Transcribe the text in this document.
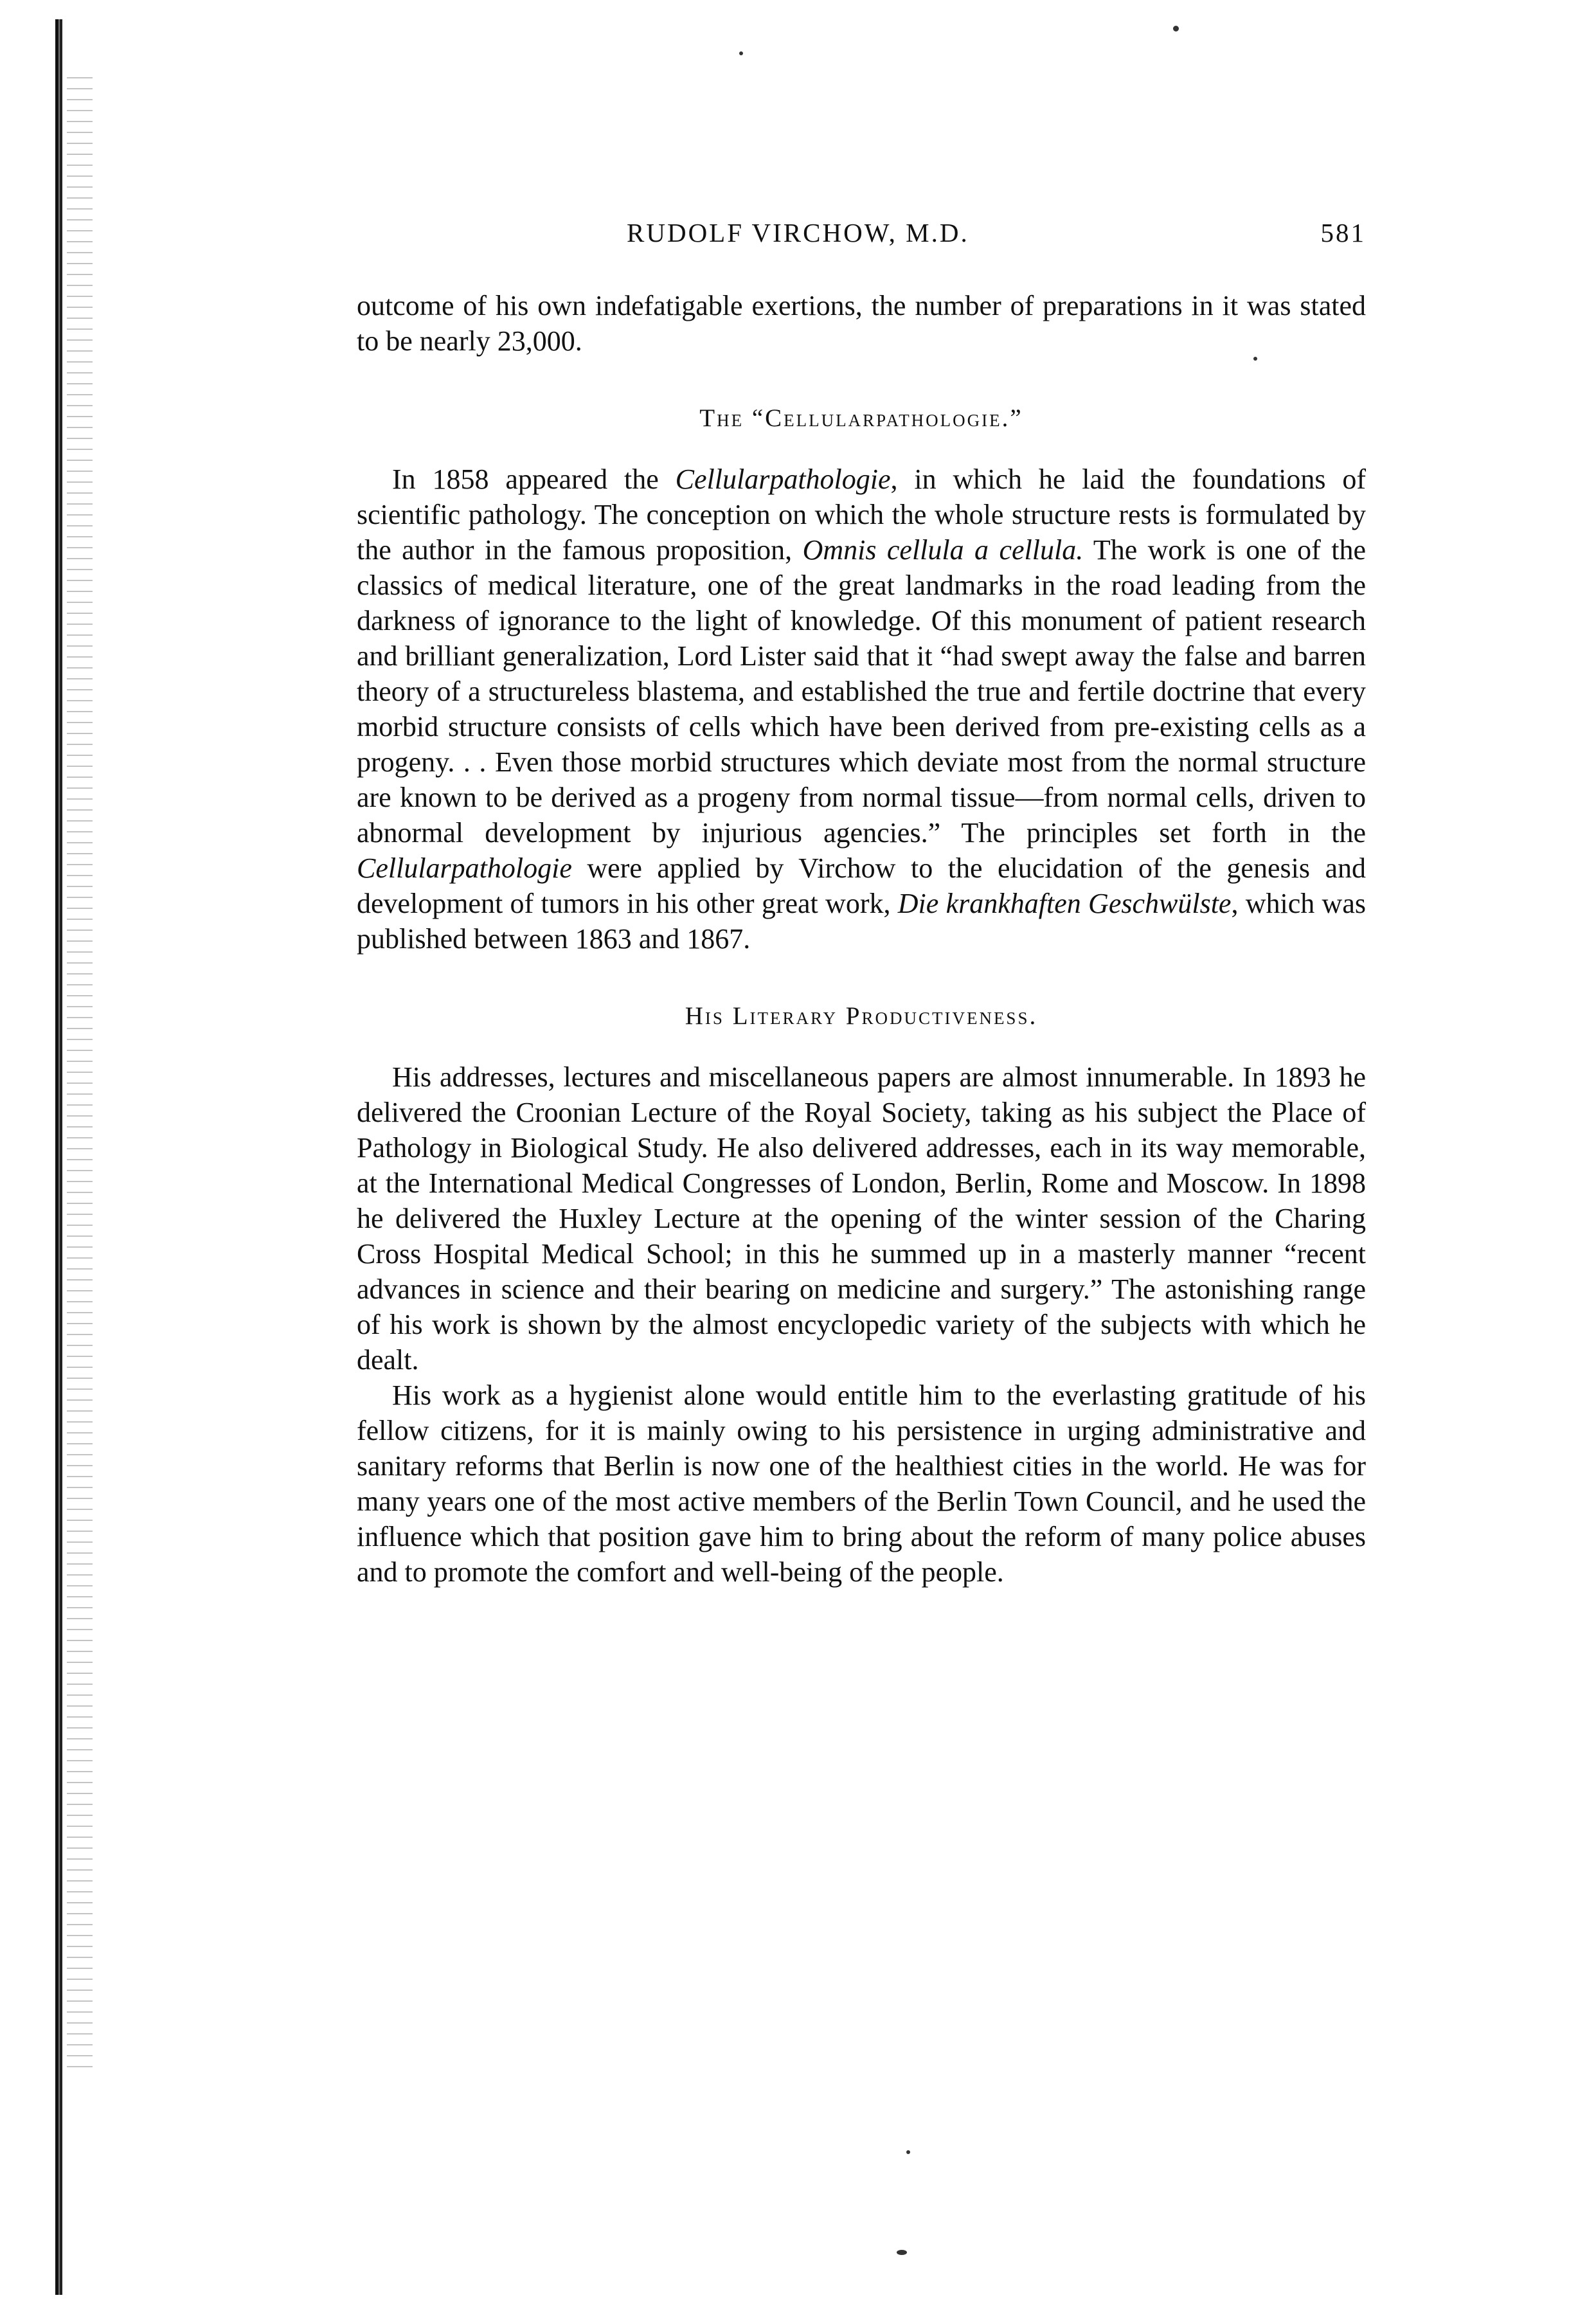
RUDOLF VIRCHOW, M.D.	581

outcome of his own indefatigable exertions, the number of preparations in it was stated to be nearly 23,000.

The “Cellularpathologie.”

In 1858 appeared the Cellularpathologie, in which he laid the foundations of scientific pathology. The conception on which the whole structure rests is formulated by the author in the famous proposition, Omnis cellula a cellula. The work is one of the classics of medical literature, one of the great landmarks in the road leading from the darkness of ignorance to the light of knowledge. Of this monument of patient research and brilliant generalization, Lord Lister said that it “had swept away the false and barren theory of a structureless blastema, and established the true and fertile doctrine that every morbid structure consists of cells which have been derived from pre-existing cells as a progeny. . . Even those morbid structures which deviate most from the normal structure are known to be derived as a progeny from normal tissue—from normal cells, driven to abnormal development by injurious agencies.” The principles set forth in the Cellularpathologie were applied by Virchow to the elucidation of the genesis and development of tumors in his other great work, Die krankhaften Geschwülste, which was published between 1863 and 1867.

His Literary Productiveness.

His addresses, lectures and miscellaneous papers are almost innumerable. In 1893 he delivered the Croonian Lecture of the Royal Society, taking as his subject the Place of Pathology in Biological Study. He also delivered addresses, each in its way memorable, at the International Medical Congresses of London, Berlin, Rome and Moscow. In 1898 he delivered the Huxley Lecture at the opening of the winter session of the Charing Cross Hospital Medical School; in this he summed up in a masterly manner “recent advances in science and their bearing on medicine and surgery.” The astonishing range of his work is shown by the almost encyclopedic variety of the subjects with which he dealt.

His work as a hygienist alone would entitle him to the everlasting gratitude of his fellow citizens, for it is mainly owing to his persistence in urging administrative and sanitary reforms that Berlin is now one of the healthiest cities in the world. He was for many years one of the most active members of the Berlin Town Council, and he used the influence which that position gave him to bring about the reform of many police abuses and to promote the comfort and well-being of the people.
